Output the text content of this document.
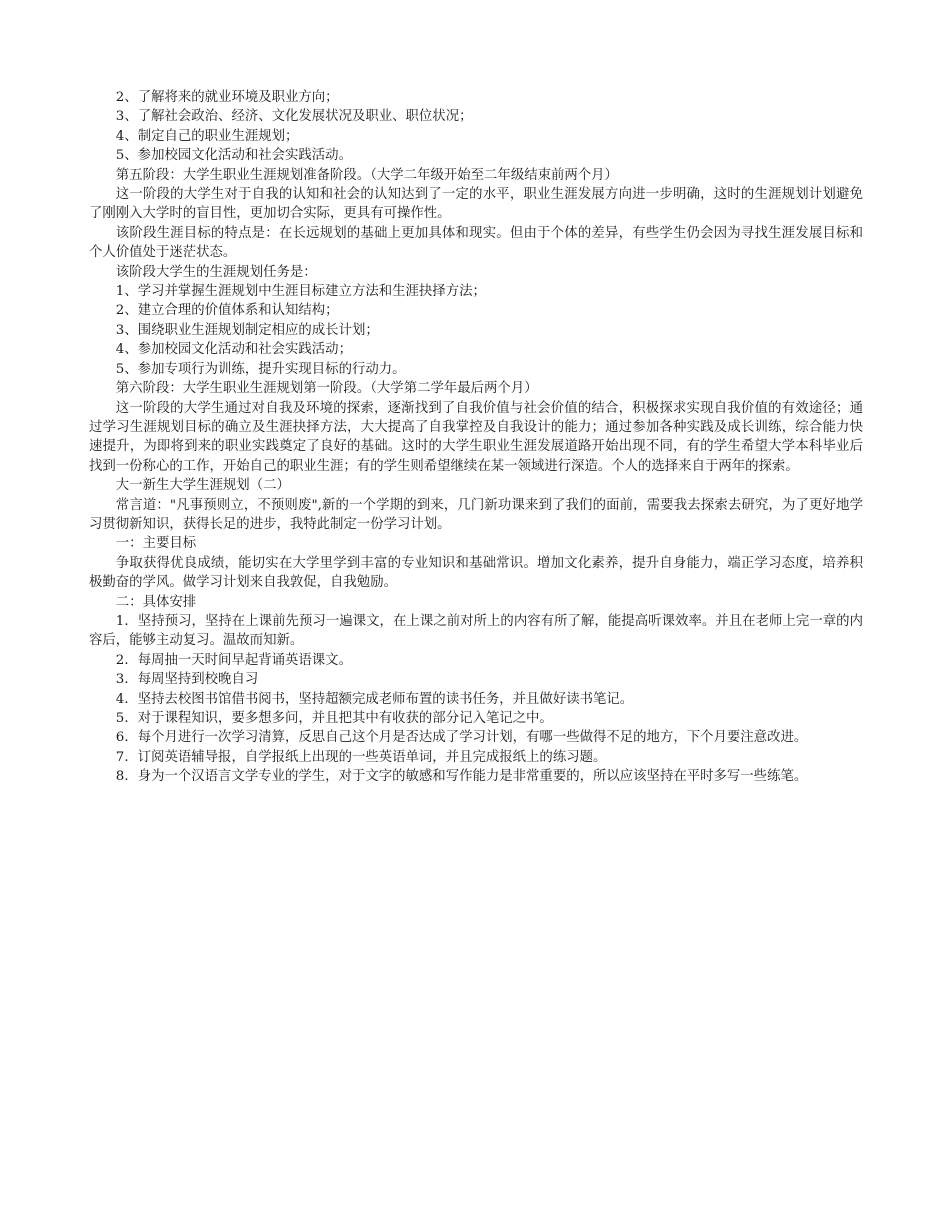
2、了解将来的就业环境及职业方向；

3、了解社会政治、经济、文化发展状况及职业、职位状况；

4、制定自己的职业生涯规划；

5、参加校园文化活动和社会实践活动。

第五阶段：大学生职业生涯规划准备阶段。（大学二年级开始至二年级结束前两个月）

这一阶段的大学生对于自我的认知和社会的认知达到了一定的水平，职业生涯发展方向进一步明确，这时的生涯规划计划避免了刚刚入大学时的盲目性，更加切合实际，更具有可操作性。

该阶段生涯目标的特点是：在长远规划的基础上更加具体和现实。但由于个体的差异，有些学生仍会因为寻找生涯发展目标和个人价值处于迷茫状态。

该阶段大学生的生涯规划任务是：

1、学习并掌握生涯规划中生涯目标建立方法和生涯抉择方法；

2、建立合理的价值体系和认知结构；

3、围绕职业生涯规划制定相应的成长计划；

4、参加校园文化活动和社会实践活动；

5、参加专项行为训练，提升实现目标的行动力。

第六阶段：大学生职业生涯规划第一阶段。（大学第二学年最后两个月）

这一阶段的大学生通过对自我及环境的探索，逐渐找到了自我价值与社会价值的结合，积极探求实现自我价值的有效途径；通过学习生涯规划目标的确立及生涯抉择方法，大大提高了自我掌控及自我设计的能力；通过参加各种实践及成长训练，综合能力快速提升，为即将到来的职业实践奠定了良好的基础。这时的大学生职业生涯发展道路开始出现不同，有的学生希望大学本科毕业后找到一份称心的工作，开始自己的职业生涯；有的学生则希望继续在某一领域进行深造。个人的选择来自于两年的探索。

大一新生大学生涯规划（二）

常言道："凡事预则立，不预则废",新的一个学期的到来，几门新功课来到了我们的面前，需要我去探索去研究，为了更好地学习贯彻新知识，获得长足的进步，我特此制定一份学习计划。

一：主要目标

争取获得优良成绩，能切实在大学里学到丰富的专业知识和基础常识。增加文化素养，提升自身能力，端正学习态度，培养积极勤奋的学风。做学习计划来自我敦促，自我勉励。

二：具体安排

1．坚持预习，坚持在上课前先预习一遍课文，在上课之前对所上的内容有所了解，能提高听课效率。并且在老师上完一章的内容后，能够主动复习。温故而知新。

2．每周抽一天时间早起背诵英语课文。

3．每周坚持到校晚自习

4．坚持去校图书馆借书阅书，坚持超额完成老师布置的读书任务，并且做好读书笔记。

5．对于课程知识，要多想多问，并且把其中有收获的部分记入笔记之中。

6．每个月进行一次学习清算，反思自己这个月是否达成了学习计划，有哪一些做得不足的地方，下个月要注意改进。

7．订阅英语辅导报，自学报纸上出现的一些英语单词，并且完成报纸上的练习题。

8．身为一个汉语言文学专业的学生，对于文字的敏感和写作能力是非常重要的，所以应该坚持在平时多写一些练笔。
